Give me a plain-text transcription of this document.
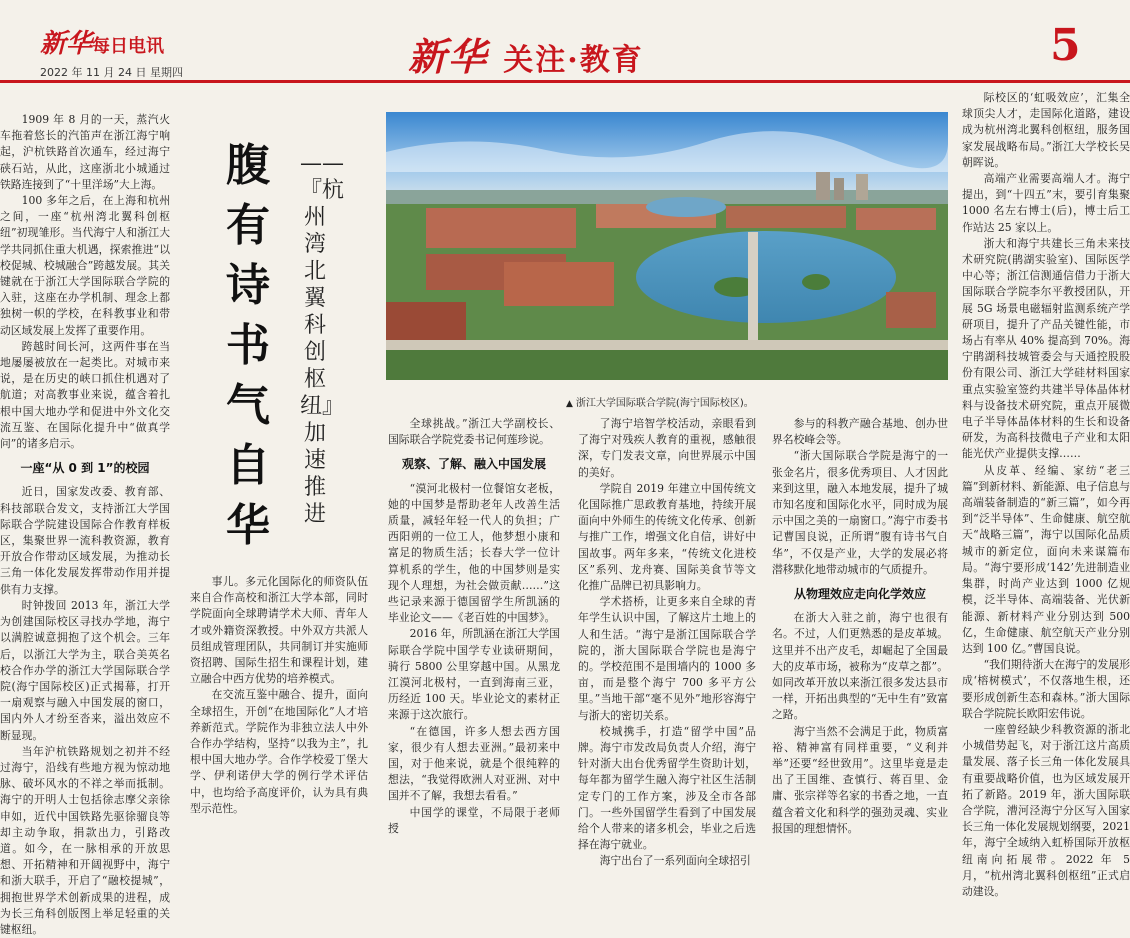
新华每日电讯
2022 年 11 月 24 日 星期四	新华 关注·教育	5

1909 年 8 月的一天，蒸汽火车拖着悠长的汽笛声在浙江海宁响起，沪杭铁路首次通车，经过海宁硖石站，从此，这座浙北小城通过铁路连接到了“十里洋场”大上海。

100 多年之后，在上海和杭州之间，一座“杭州湾北翼科创枢纽”初现雏形。当代海宁人和浙江大学共同抓住重大机遇，探索推进“以校促城、校城融合”跨越发展。其关键就在于浙江大学国际联合学院的入驻，这座在办学机制、理念上都独树一帜的学校，在科教事业和带动区域发展上发挥了重要作用。

跨越时间长河，这两件事在当地屡屡被放在一起类比。对城市来说，是在历史的峡口抓住机遇对了航道；对高教事业来说，蕴含着扎根中国大地办学和促进中外文化交流互鉴、在国际化提升中“做真学问”的诸多启示。

一座“从 0 到 1”的校园

近日，国家发改委、教育部、科技部联合发文，支持浙江大学国际联合学院建设国际合作教育样板区，集聚世界一流科教资源，教育开放合作带动区域发展，为推动长三角一体化发展发挥带动作用并提供有力支撑。

时钟拨回 2013 年，浙江大学为创建国际校区寻找办学地，海宁以满腔诚意拥抱了这个机会。三年后，以浙江大学为主，联合美英名校合作办学的浙江大学国际联合学院(海宁国际校区)正式揭幕，打开一扇观察与融入中国发展的窗口，国内外人才纷至沓来，溢出效应不断显现。

当年沪杭铁路规划之初并不经过海宁，沿线有些地方视为惊动地脉、破坏风水的不祥之举而抵制。海宁的开明人士包括徐志摩父亲徐申如，近代中国铁路先驱徐骝良等却主动争取，捐款出力，引路改道。如今，在一脉相承的开放思想、开拓精神和开阔视野中，海宁和浙大联手，开启了“融校提城”，拥抱世界学术创新成果的进程，成为长三角科创版图上举足轻重的关键枢纽。

腹有诗书气自华
——『杭州湾北翼科创枢纽』加速推进

事儿。多元化国际化的师资队伍来自合作高校和浙江大学本部，同时学院面向全球聘请学术大师、青年人才或外籍资深教授。中外双方共派人员组成管理团队，共同制订并实施师资招聘、国际生招生和课程计划，建立融合中西方优势的培养模式。

在交流互鉴中融合、提升，面向全球招生，开创“在地国际化”人才培养新范式。学院作为非独立法人中外合作办学结构，坚持“以我为主”，扎根中国大地办学。合作学校爱丁堡大学、伊利诺伊大学的例行学术评估中，也均给予高度评价，认为具有典型示范性。

全球挑战。”浙江大学副校长、国际联合学院党委书记何莲珍说。

观察、了解、融入中国发展

“漠河北极村一位餐馆女老板，她的中国梦是帮助老年人改善生活质量，减轻年轻一代人的负担；广西阳朔的一位工人，他梦想小康和富足的物质生活；长春大学一位计算机系的学生，他的中国梦则是实现个人理想，为社会做贡献……”这些记录来源于德国留学生所凯涵的毕业论文——《老百姓的中国梦》。

2016 年，所凯涵在浙江大学国际联合学院中国学专业读研期间，骑行 5800 公里穿越中国。从黑龙江漠河北极村，一直到海南三亚，历经近 100 天。毕业论文的素材正来源于这次旅行。

“在德国，许多人想去西方国家，很少有人想去亚洲。”最初来中国，对于他来说，就是个很纯粹的想法，“我觉得欧洲人对亚洲、对中国并不了解，我想去看看。”

中国学的课堂，不局限于老师授

了海宁培智学校活动，亲眼看到了海宁对残疾人教育的重视，感触很深，专门发表文章，向世界展示中国的美好。

学院自 2019 年建立中国传统文化国际推广思政教育基地，持续开展面向中外师生的传统文化传承、创新与推广工作，增强文化自信，讲好中国故事。两年多来，“传统文化进校区”系列、龙舟赛、国际美食节等文化推广品牌已初具影响力。

学术搭桥，让更多来自全球的青年学生认识中国，了解这片土地上的人和生活。“海宁是浙江国际联合学院的，浙大国际联合学院也是海宁的。学校范围不是围墙内的 1000 多亩，而是整个海宁 700 多平方公里。”当地干部“毫不见外”地形容海宁与浙大的密切关系。

校城携手，打造“留学中国”品牌。海宁市发改局负责人介绍，海宁针对浙大出台优秀留学生资助计划，每年都为留学生融入海宁社区生活制定专门的工作方案，涉及全市各部门。一些外国留学生看到了中国发展给个人带来的诸多机会，毕业之后选择在海宁就业。

海宁出台了一系列面向全球招引

参与的科教产融合基地、创办世界名校峰会等。

“浙大国际联合学院是海宁的一张金名片，很多优秀项目、人才因此来到这里，融入本地发展，提升了城市知名度和国际化水平，同时成为展示中国之美的一扇窗口。”海宁市委书记曹国良说，正所谓“腹有诗书气自华”，不仅是产业，大学的发展必将潜移默化地带动城市的气质提升。

从物理效应走向化学效应

在浙大入驻之前，海宁也很有名。不过，人们更熟悉的是皮革城。这里并不出产皮毛，却崛起了全国最大的皮革市场，被称为“皮草之都”。如同改革开放以来浙江很多发达县市一样，开拓出典型的“无中生有”致富之路。

海宁当然不会满足于此，物质富裕、精神富有同样重要，“义利并举”还要“经世致用”。这里毕竟是走出了王国维、查慎行、蒋百里、金庸、张宗祥等名家的书香之地，一直蕴含着文化和科学的强劲灵魂、实业报国的理想情怀。

际校区的‘虹吸效应’，汇集全球顶尖人才，走国际化道路，建设成为杭州湾北翼科创枢纽，服务国家发展战略布局。”浙江大学校长吴朝晖说。

高端产业需要高端人才。海宁提出，到“十四五”末，要引育集聚 1000 名左右博士(后)，博士后工作站达 25 家以上。

浙大和海宁共建长三角未来技术研究院(鹃湖实验室)、国际医学中心等；浙江信测通信借力于浙大国际联合学院李尔平教授团队，开展 5G 场景电磁辐射监测系统产学研项目，提升了产品关键性能，市场占有率从 40% 提高到 70%。海宁鹃湖科技城管委会与天通控股股份有限公司、浙江大学硅材料国家重点实验室签约共建半导体晶体材料与设备技术研究院，重点开展微电子半导体晶体材料的生长和设备研发，为高科技微电子产业和太阳能光伏产业提供支撑……

从皮革、经编、家纺“老三篇”到新材料、新能源、电子信息与高端装备制造的“新三篇”，如今再到“泛半导体”、生命健康、航空航天“战略三篇”，海宁以国际化品质城市的新定位，面向未来谋篇布局。“海宁要形成‘142’先进制造业集群，时尚产业达到 1000 亿规模，泛半导体、高端装备、光伏新能源、新材料产业分别达到 500 亿，生命健康、航空航天产业分别达到 100 亿。”曹国良说。

“我们期待浙大在海宁的发展形成‘榕树模式’，不仅落地生根，还要形成创新生态和森林。”浙大国际联合学院院长欧阳宏伟说。

一座曾经缺少科教资源的浙北小城借势起飞，对于浙江这片高质量发展、落子长三角一体化发展具有重要战略价值，也为区域发展开拓了新路。2019 年，浙大国际联合学院，漕河泾海宁分区写入国家长三角一体化发展规划纲要，2021 年，海宁全域纳入虹桥国际开放枢纽南向拓展带。2022 年 5 月，“杭州湾北翼科创枢纽”正式启动建设。

▲ 浙江大学国际联合学院(海宁国际校区)。
